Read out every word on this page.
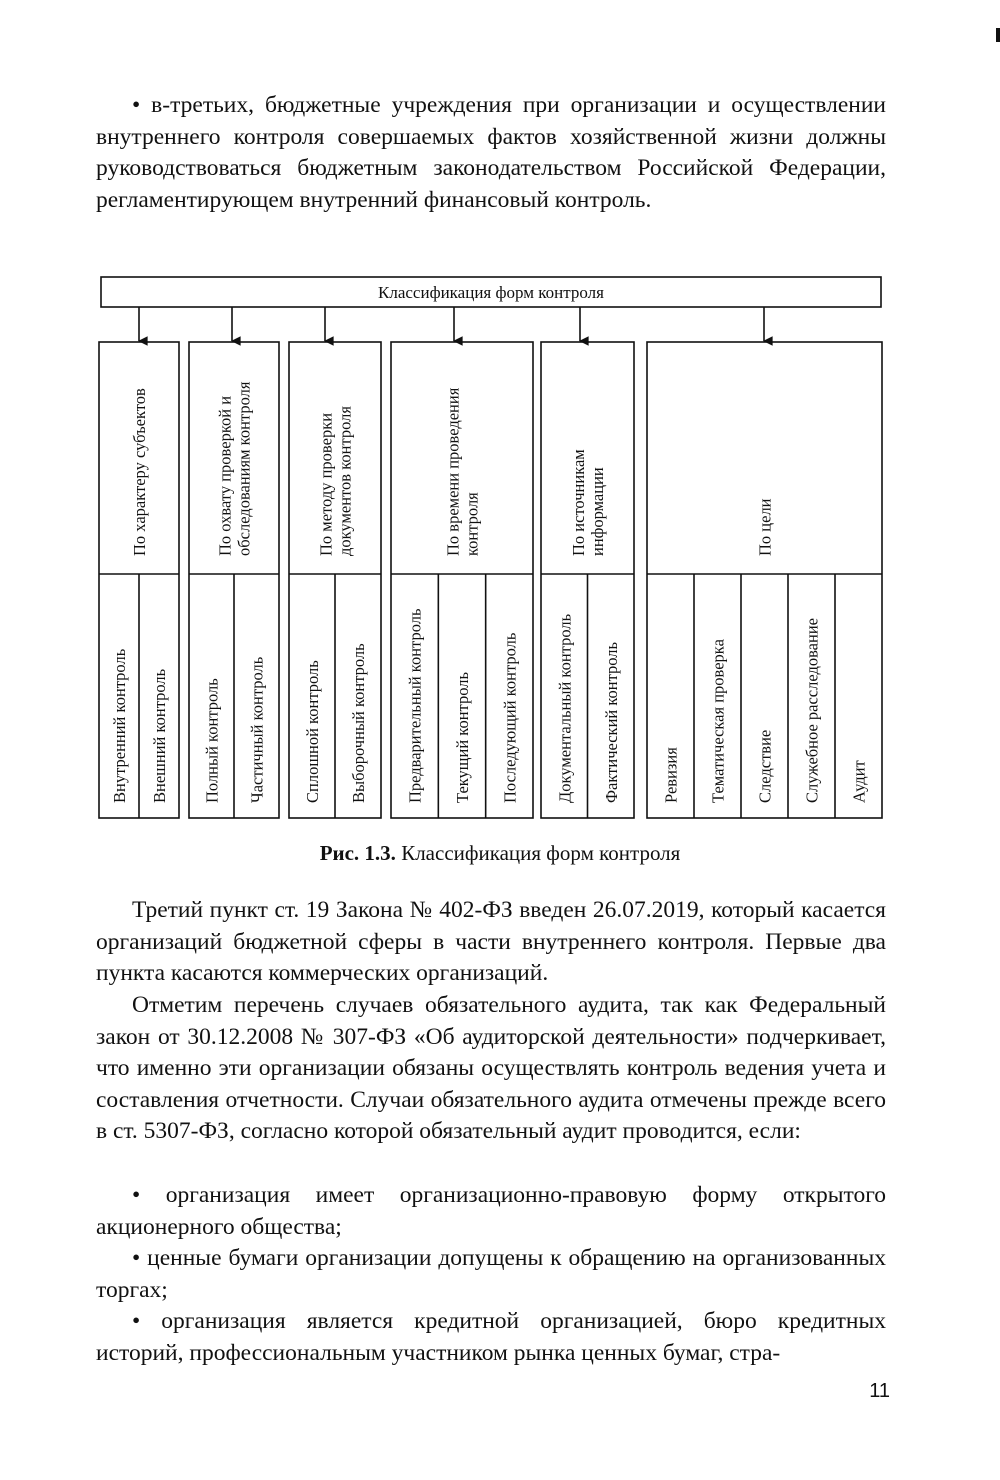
• в-третьих, бюджетные учреждения при организации и осуществлении внутреннего контроля совершаемых фактов хозяйственной жизни должны руководствоваться бюджетным законодательством Российской Федерации, регламентирующем внутренний финансовый контроль.

Классификация форм контроля
По характеру субъектов
Внутренний контроль Внешний контроль
По охвату проверкой и обследованиям контроля
Полный контроль Частичный контроль
По методу проверки документов контроля
Сплошной контроль Выборочный контроль
По времени проведения контроля
Предварительный контроль Текущий контроль Последующий контроль
По источникам информации
Документальный контроль Фактический контроль
По цели
Ревизия Тематическая проверка Следствие Служебное расследование Аудит
Рис. 1.3. Классификация форм контроля

Третий пункт ст. 19 Закона № 402-ФЗ введен 26.07.2019, который касается организаций бюджетной сферы в части внутреннего контроля. Первые два пункта касаются коммерческих организаций.

Отметим перечень случаев обязательного аудита, так как Федеральный закон от 30.12.2008 № 307-ФЗ «Об аудиторской деятельности» подчеркивает, что именно эти организации обязаны осуществлять контроль ведения учета и составления отчетности. Случаи обязательного аудита отмечены прежде всего в ст. 5307-ФЗ, согласно которой обязательный аудит проводится, если:

• организация имеет организационно-правовую форму открытого акционерного общества;

• ценные бумаги организации допущены к обращению на организованных торгах;

• организация является кредитной организацией, бюро кредитных историй, профессиональным участником рынка ценных бумаг, стра-

11
